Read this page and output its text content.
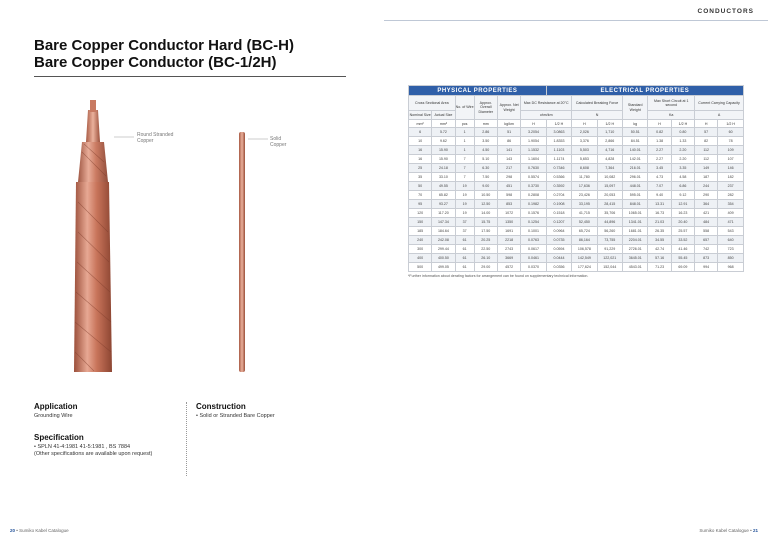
CONDUCTORS
Bare Copper Conductor Hard (BC-H)
Bare Copper Conductor (BC-1/2H)
Round Stranded
Copper	Solid
Copper
Application
Grounding Wire
Construction
• Solid or Stranded Bare Copper
Specification
• SPLN 41-4:1981 41-5:1981 , BS 7884
(Other specifications are available upon request)
PHYSICAL PROPERTIES						ELECTRICAL PROPERTIES							
Cross Sectional Area		No. of Wire	Approx. Overall Diameter	Approx. Net Weight	Max DC Resistance at 20°C		Calculated Breaking Force		Standard Weight	Max Short Circuit at 1 second		Current Carrying Capacity	
Nominal Size	Actual Size				ohm/km		N			Ka		A	
mm²	mm²	pcs	mm	kg/km	H	1/2 H	H	1/2 H	kg	H	1/2 H	H	1/2 H
6	5.72	1	2.86	51	3.2054	3.0863	2,026	1,710	50.51	0.82	0.80	57	60
10	9.62	1	3.50	86	1.9054	1.8353	3,376	2,866	84.51	1.38	1.33	82	78
16	15.90	1	4.50	141	1.1532	1.1103	5,503	4,716	140.01	2.27	2.20	112	109
16	15.90	7	5.10	143	1.1604	1.1174	5,653	4,828	142.01	2.27	2.20	112	107
25	24.18	7	6.30	217	0.7630	0.7346	8,608	7,364	216.01	3.45	3.35	149	146
35	33.10	7	7.50	298	0.5574	0.5366	11,780	10,082	296.01	4.73	4.58	187	182
50	49.55	19	9.00	451	0.3730	0.3592	17,636	15,097	448.01	7.07	6.86	244	237
70	65.82	19	10.50	598	0.2808	0.2704	23,426	20,053	595.01	9.40	9.12	290	282
95	93.27	19	12.50	853	0.1982	0.1908	33,195	28,415	848.01	13.31	12.91	364	354
120	117.20	19	14.00	1072	0.1576	0.1518	41,715	35,706	1065.01	16.73	16.23	421	409
150	147.34	37	15.75	1350	0.1254	0.1207	52,450	44,896	1341.01	21.03	20.40	484	471
185	184.64	37	17.50	1691	0.1001	0.0964	65,724	56,260	1681.01	26.35	25.57	558	543
240	242.08	61	20.25	2218	0.0763	0.0735	86,164	73,755	2204.01	34.55	33.52	657	640
300	299.44	61	22.50	2743	0.0617	0.0594	106,578	91,229	2726.01	42.74	41.46	742	723
400	400.50	61	26.10	3669	0.0461	0.0444	142,549	122,021	3645.01	57.16	55.45	873	850
500	499.05	61	29.00	4572	0.0370	0.0356	177,624	152,044	4543.01	71.23	69.09	994	968
*Further information about derating factors for arrangement can be found on supplementary technical information.
20 • Sumiko Kabel Catalogue	Sumiko Kabel Catalogue • 21
